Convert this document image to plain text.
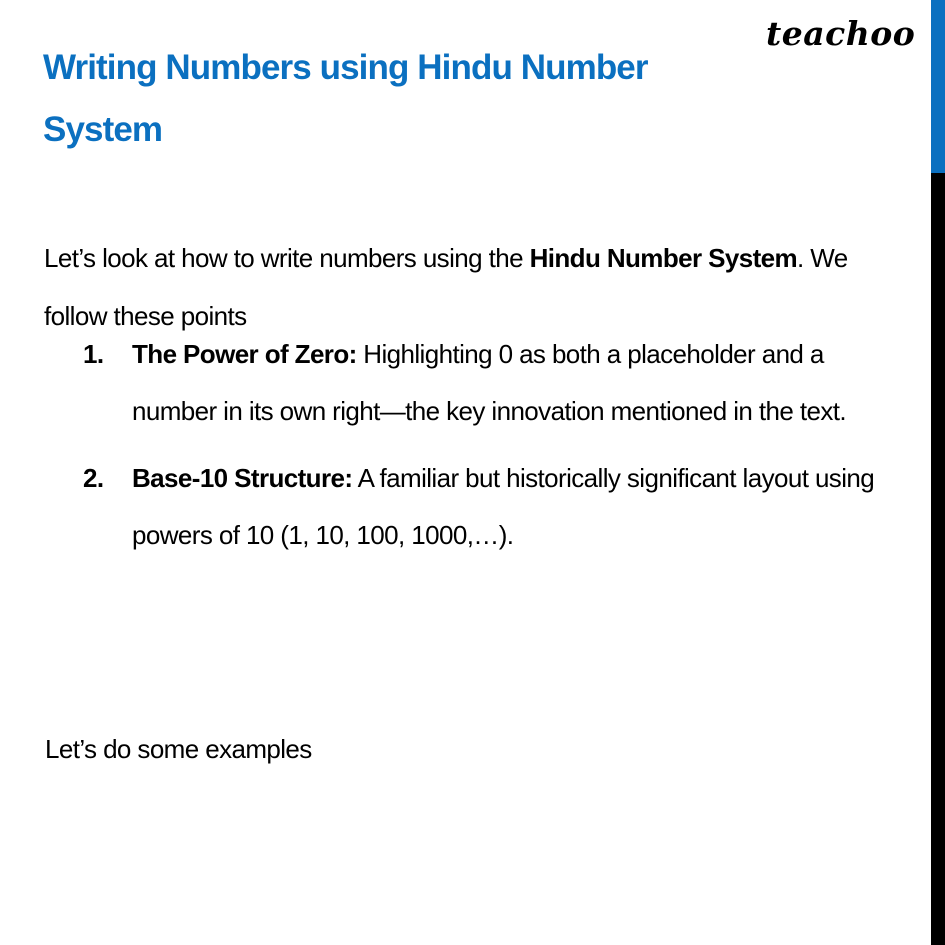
Writing Numbers using Hindu Number System
teachoo

Let’s look at how to write numbers using the Hindu Number System. We follow these points

1. The Power of Zero: Highlighting 0 as both a placeholder and a number in its own right—the key innovation mentioned in the text.
2. Base-10 Structure: A familiar but historically significant layout using powers of 10 (1, 10, 100, 1000,…).

Let’s do some examples
